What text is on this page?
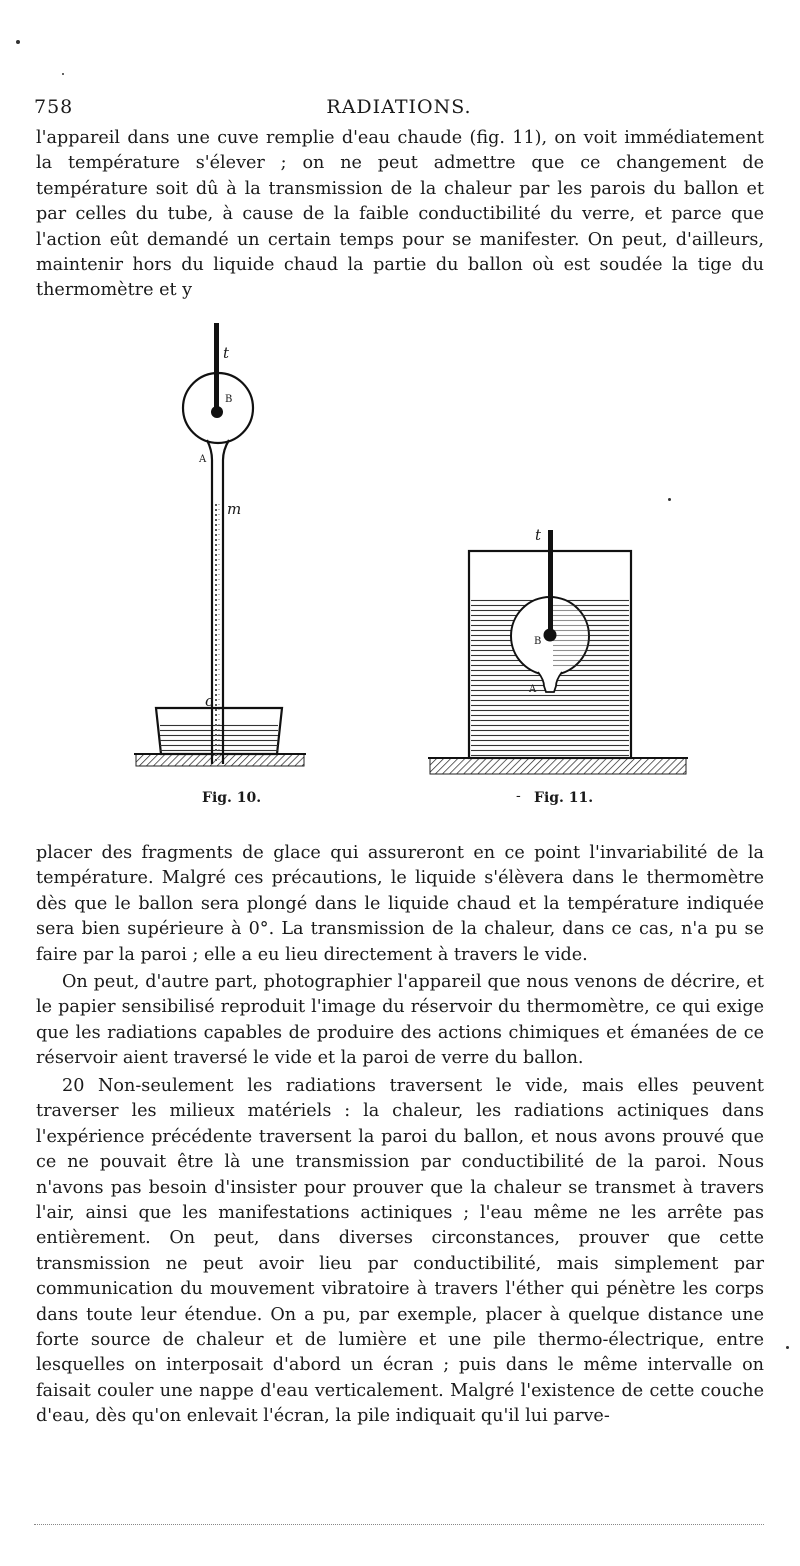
758	RADIATIONS.

l'appareil dans une cuve remplie d'eau chaude (fig. 11), on voit immédiatement la température s'élever ; on ne peut admettre que ce changement de température soit dû à la transmission de la chaleur par les parois du ballon et par celles du tube, à cause de la faible conductibilité du verre, et parce que l'action eût demandé un certain temps pour se manifester. On peut, d'ailleurs, maintenir hors du liquide chaud la partie du ballon où est soudée la tige du thermomètre et y

t
B
A
m
c
t
B
A
Fig. 10.	- Fig. 11.

placer des fragments de glace qui assureront en ce point l'invariabilité de la température. Malgré ces précautions, le liquide s'élèvera dans le thermomètre dès que le ballon sera plongé dans le liquide chaud et la température indiquée sera bien supérieure à 0°. La transmission de la chaleur, dans ce cas, n'a pu se faire par la paroi ; elle a eu lieu directement à travers le vide.

On peut, d'autre part, photographier l'appareil que nous venons de décrire, et le papier sensibilisé reproduit l'image du réservoir du thermomètre, ce qui exige que les radiations capables de produire des actions chimiques et émanées de ce réservoir aient traversé le vide et la paroi de verre du ballon.

20 Non-seulement les radiations traversent le vide, mais elles peuvent traverser les milieux matériels : la chaleur, les radiations actiniques dans l'expérience précédente traversent la paroi du ballon, et nous avons prouvé que ce ne pouvait être là une transmission par conductibilité de la paroi. Nous n'avons pas besoin d'insister pour prouver que la chaleur se transmet à travers l'air, ainsi que les manifestations actiniques ; l'eau même ne les arrête pas entièrement. On peut, dans diverses circonstances, prouver que cette transmission ne peut avoir lieu par conductibilité, mais simplement par communication du mouvement vibratoire à travers l'éther qui pénètre les corps dans toute leur étendue. On a pu, par exemple, placer à quelque distance une forte source de chaleur et de lumière et une pile thermo-électrique, entre lesquelles on interposait d'abord un écran ; puis dans le même intervalle on faisait couler une nappe d'eau verticalement. Malgré l'existence de cette couche d'eau, dès qu'on enlevait l'écran, la pile indiquait qu'il lui parve-
